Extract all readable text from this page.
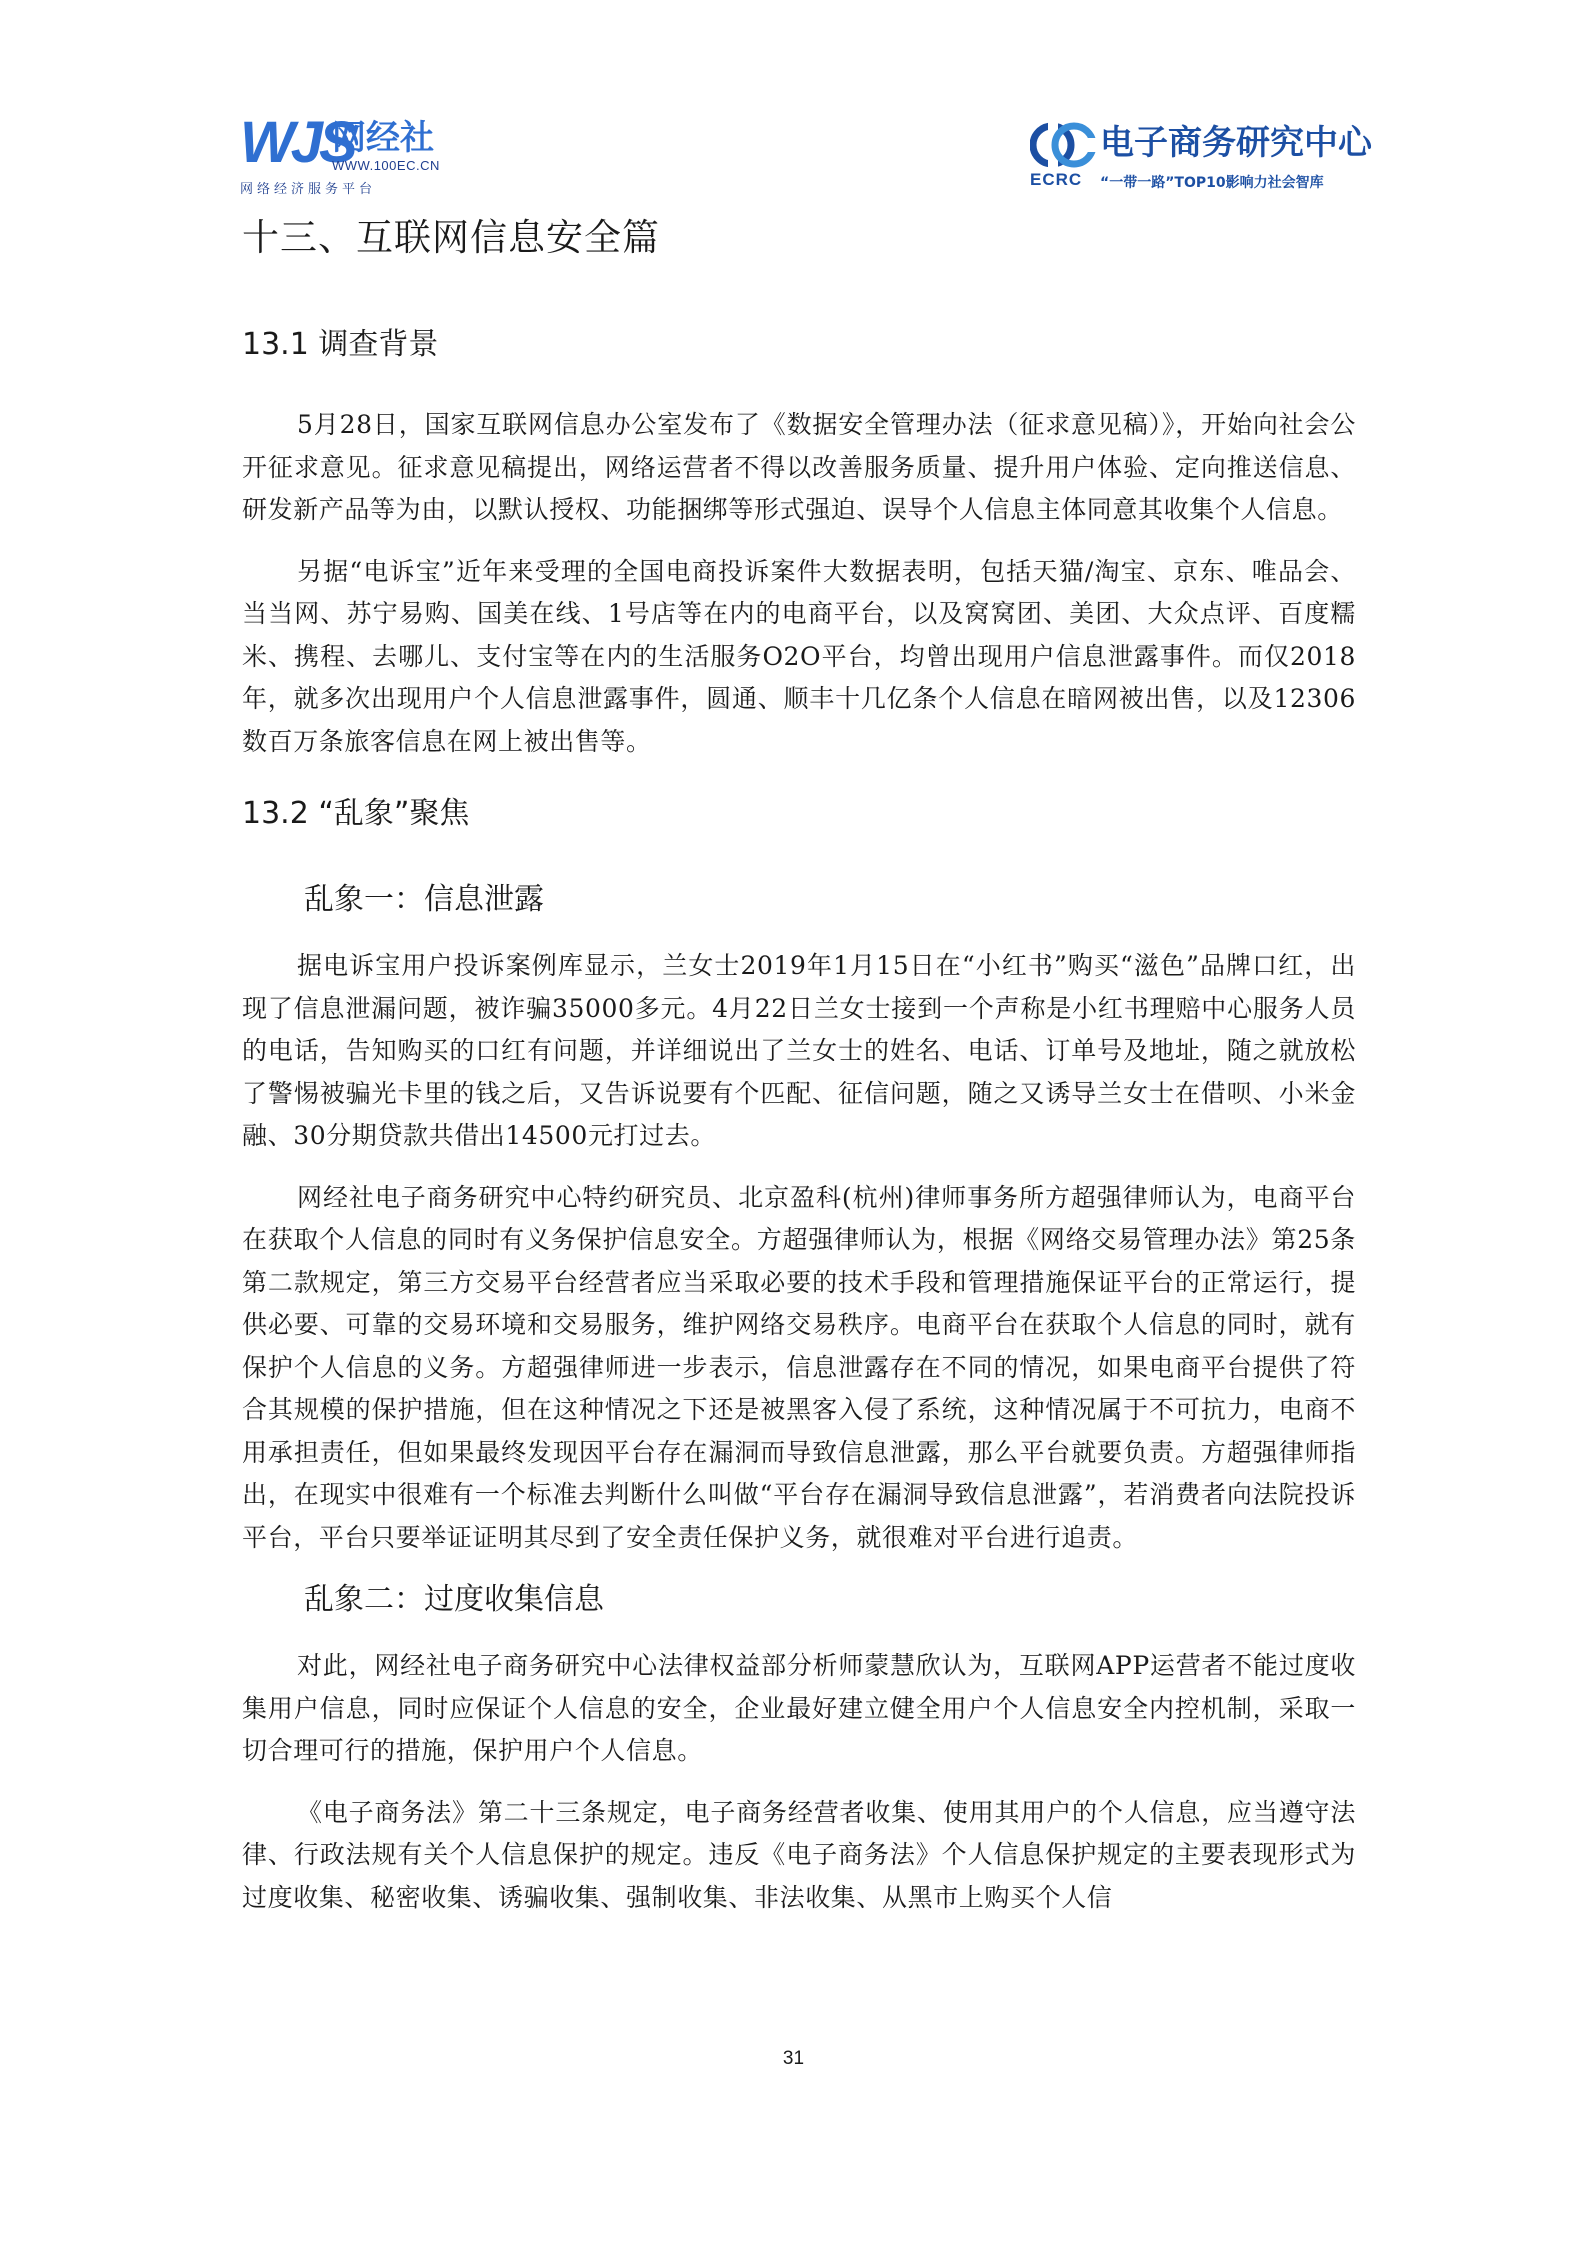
WJS
网经社
WWW.100EC.CN
网络经济服务平台
ECRC
电子商务研究中心
“一带一路”TOP10影响力社会智库
十三、互联网信息安全篇
13.1 调查背景

5月28日，国家互联网信息办公室发布了《数据安全管理办法（征求意见稿）》，开始向社会公开征求意见。征求意见稿提出，网络运营者不得以改善服务质量、提升用户体验、定向推送信息、研发新产品等为由，以默认授权、功能捆绑等形式强迫、误导个人信息主体同意其收集个人信息。

另据“电诉宝”近年来受理的全国电商投诉案件大数据表明，包括天猫/淘宝、京东、唯品会、当当网、苏宁易购、国美在线、1号店等在内的电商平台，以及窝窝团、美团、大众点评、百度糯米、携程、去哪儿、支付宝等在内的生活服务O2O平台，均曾出现用户信息泄露事件。而仅2018年，就多次出现用户个人信息泄露事件，圆通、顺丰十几亿条个人信息在暗网被出售，以及12306数百万条旅客信息在网上被出售等。

13.2 “乱象”聚焦
乱象一：信息泄露

据电诉宝用户投诉案例库显示，兰女士2019年1月15日在“小红书”购买“滋色”品牌口红，出现了信息泄漏问题，被诈骗35000多元。4月22日兰女士接到一个声称是小红书理赔中心服务人员的电话，告知购买的口红有问题，并详细说出了兰女士的姓名、电话、订单号及地址，随之就放松了警惕被骗光卡里的钱之后，又告诉说要有个匹配、征信问题，随之又诱导兰女士在借呗、小米金融、30分期贷款共借出14500元打过去。

网经社电子商务研究中心特约研究员、北京盈科(杭州)律师事务所方超强律师认为，电商平台在获取个人信息的同时有义务保护信息安全。方超强律师认为，根据《网络交易管理办法》第25条第二款规定，第三方交易平台经营者应当采取必要的技术手段和管理措施保证平台的正常运行，提供必要、可靠的交易环境和交易服务，维护网络交易秩序。电商平台在获取个人信息的同时，就有保护个人信息的义务。方超强律师进一步表示，信息泄露存在不同的情况，如果电商平台提供了符合其规模的保护措施，但在这种情况之下还是被黑客入侵了系统，这种情况属于不可抗力，电商不用承担责任，但如果最终发现因平台存在漏洞而导致信息泄露，那么平台就要负责。方超强律师指出，在现实中很难有一个标准去判断什么叫做“平台存在漏洞导致信息泄露”，若消费者向法院投诉平台，平台只要举证证明其尽到了安全责任保护义务，就很难对平台进行追责。

乱象二：过度收集信息

对此，网经社电子商务研究中心法律权益部分析师蒙慧欣认为，互联网APP运营者不能过度收集用户信息，同时应保证个人信息的安全，企业最好建立健全用户个人信息安全内控机制，采取一切合理可行的措施，保护用户个人信息。

《电子商务法》第二十三条规定，电子商务经营者收集、使用其用户的个人信息，应当遵守法律、行政法规有关个人信息保护的规定。违反《电子商务法》个人信息保护规定的主要表现形式为过度收集、秘密收集、诱骗收集、强制收集、非法收集、从黑市上购买个人信

31
